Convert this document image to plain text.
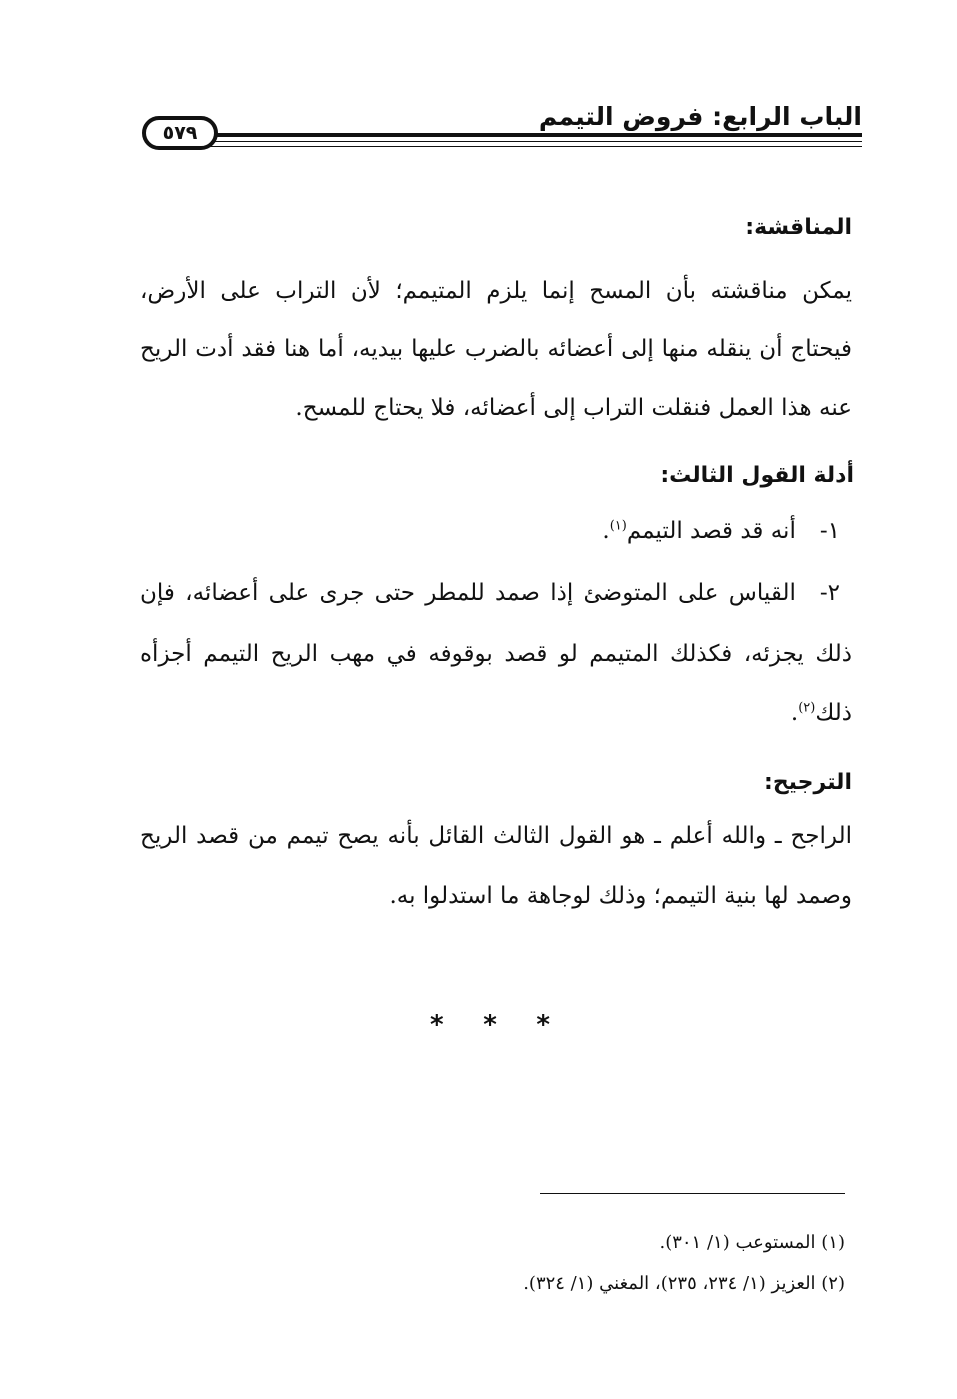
الباب الرابع: فروض التيمم
٥٧٩
المناقشة:
يمكن مناقشته بأن المسح إنما يلزم المتيمم؛ لأن التراب على الأرض،
فيحتاج أن ينقله منها إلى أعضائه بالضرب عليها بيديه، أما هنا فقد أدت الريح
عنه هذا العمل فنقلت التراب إلى أعضائه، فلا يحتاج للمسح.
أدلة القول الثالث:
١-أنه قد قصد التيمم$^{(١)}$.
٢-القياس على المتوضئ إذا صمد للمطر حتى جرى على أعضائه، فإن
ذلك يجزئه، فكذلك المتيمم لو قصد بوقوفه في مهب الريح التيمم أجزأه
ذلك$^{(٢)}$.
الترجيح:
الراجح ـ والله أعلم ـ هو القول الثالث القائل بأنه يصح تيمم من قصد الريح
وصمد لها بنية التيمم؛ وذلك لوجاهة ما استدلوا به.
* * *
(١) المستوعب (١/ ٣٠١).
(٢) العزيز (١/ ٢٣٤، ٢٣٥)، المغني (١/ ٣٢٤).
